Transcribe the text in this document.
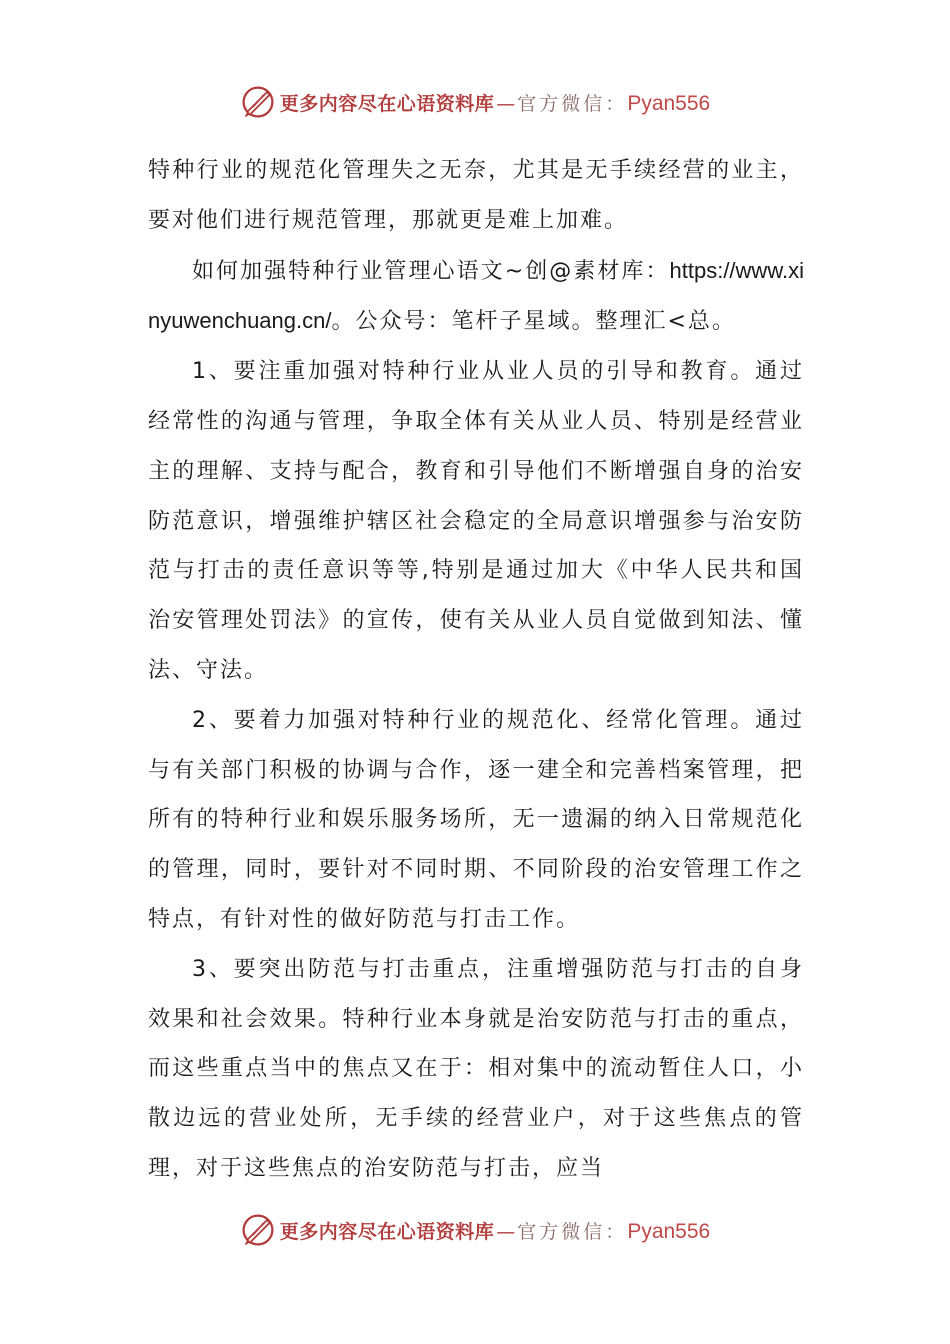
更多内容尽在心语资料库 — 官方微信： Pyan556

特种行业的规范化管理失之无奈，尤其是无手续经营的业主，要对他们进行规范管理，那就更是难上加难。

如何加强特种行业管理心语文~创@素材库：https://www.xinyuwenchuang.cn/。公众号：笔杆子星域。整理汇<总。

1、要注重加强对特种行业从业人员的引导和教育。通过经常性的沟通与管理，争取全体有关从业人员、特别是经营业主的理解、支持与配合，教育和引导他们不断增强自身的治安防范意识，增强维护辖区社会稳定的全局意识增强参与治安防范与打击的责任意识等等,特别是通过加大《中华人民共和国治安管理处罚法》的宣传，使有关从业人员自觉做到知法、懂法、守法。

2、要着力加强对特种行业的规范化、经常化管理。通过与有关部门积极的协调与合作，逐一建全和完善档案管理，把所有的特种行业和娱乐服务场所，无一遗漏的纳入日常规范化的管理，同时，要针对不同时期、不同阶段的治安管理工作之特点，有针对性的做好防范与打击工作。

3、要突出防范与打击重点，注重增强防范与打击的自身效果和社会效果。特种行业本身就是治安防范与打击的重点，而这些重点当中的焦点又在于：相对集中的流动暂住人口，小散边远的营业处所，无手续的经营业户，对于这些焦点的管理，对于这些焦点的治安防范与打击，应当

更多内容尽在心语资料库 — 官方微信： Pyan556
